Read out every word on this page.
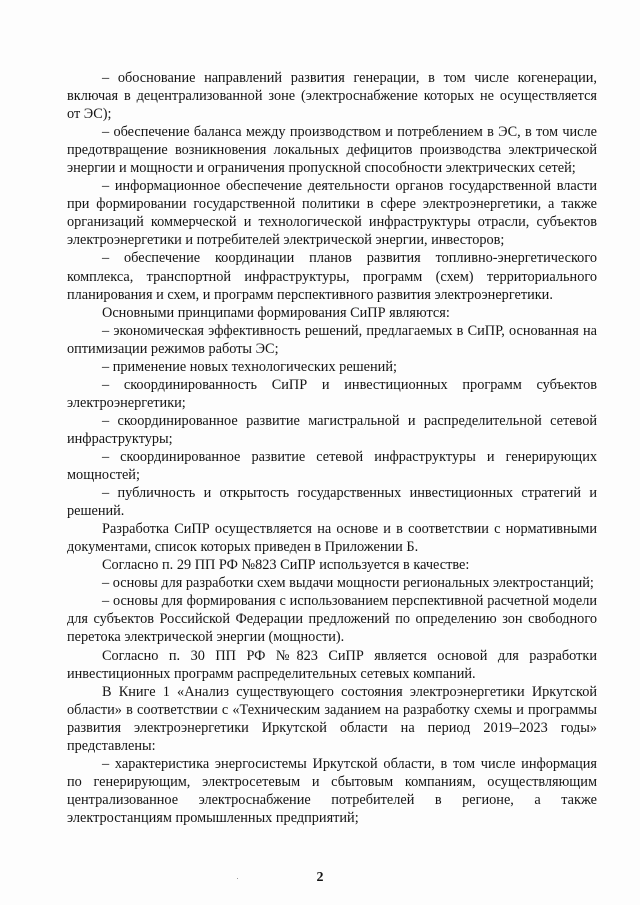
– обоснование направлений развития генерации, в том числе когенерации, включая в децентрализованной зоне (электроснабжение которых не осуществляется от ЭС);

– обеспечение баланса между производством и потреблением в ЭС, в том числе предотвращение возникновения локальных дефицитов производства электрической энергии и мощности и ограничения пропускной способности электрических сетей;

– информационное обеспечение деятельности органов государственной власти при формировании государственной политики в сфере электроэнергетики, а также организаций коммерческой и технологической инфраструктуры отрасли, субъектов электроэнергетики и потребителей электрической энергии, инвесторов;

– обеспечение координации планов развития топливно-энергетического комплекса, транспортной инфраструктуры, программ (схем) территориального планирования и схем, и программ перспективного развития электроэнергетики.

Основными принципами формирования СиПР являются:

– экономическая эффективность решений, предлагаемых в СиПР, основанная на оптимизации режимов работы ЭС;

– применение новых технологических решений;

– скоординированность СиПР и инвестиционных программ субъектов электроэнергетики;

– скоординированное развитие магистральной и распределительной сетевой инфраструктуры;

– скоординированное развитие сетевой инфраструктуры и генерирующих мощностей;

– публичность и открытость государственных инвестиционных стратегий и решений.

Разработка СиПР осуществляется на основе и в соответствии с нормативными документами, список которых приведен в Приложении Б.

Согласно п. 29 ПП РФ №823 СиПР используется в качестве:

– основы для разработки схем выдачи мощности региональных электростанций;

– основы для формирования с использованием перспективной расчетной модели для субъектов Российской Федерации предложений по определению зон свободного перетока электрической энергии (мощности).

Согласно п. 30 ПП РФ №823 СиПР является основой для разработки инвестиционных программ распределительных сетевых компаний.

В Книге 1 «Анализ существующего состояния электроэнергетики Иркутской области» в соответствии с «Техническим заданием на разработку схемы и программы развития электроэнергетики Иркутской области на период 2019–2023 годы» представлены:

– характеристика энергосистемы Иркутской области, в том числе информация по генерирующим, электросетевым и сбытовым компаниям, осуществляющим централизованное электроснабжение потребителей в регионе, а также электростанциям промышленных предприятий;

2
